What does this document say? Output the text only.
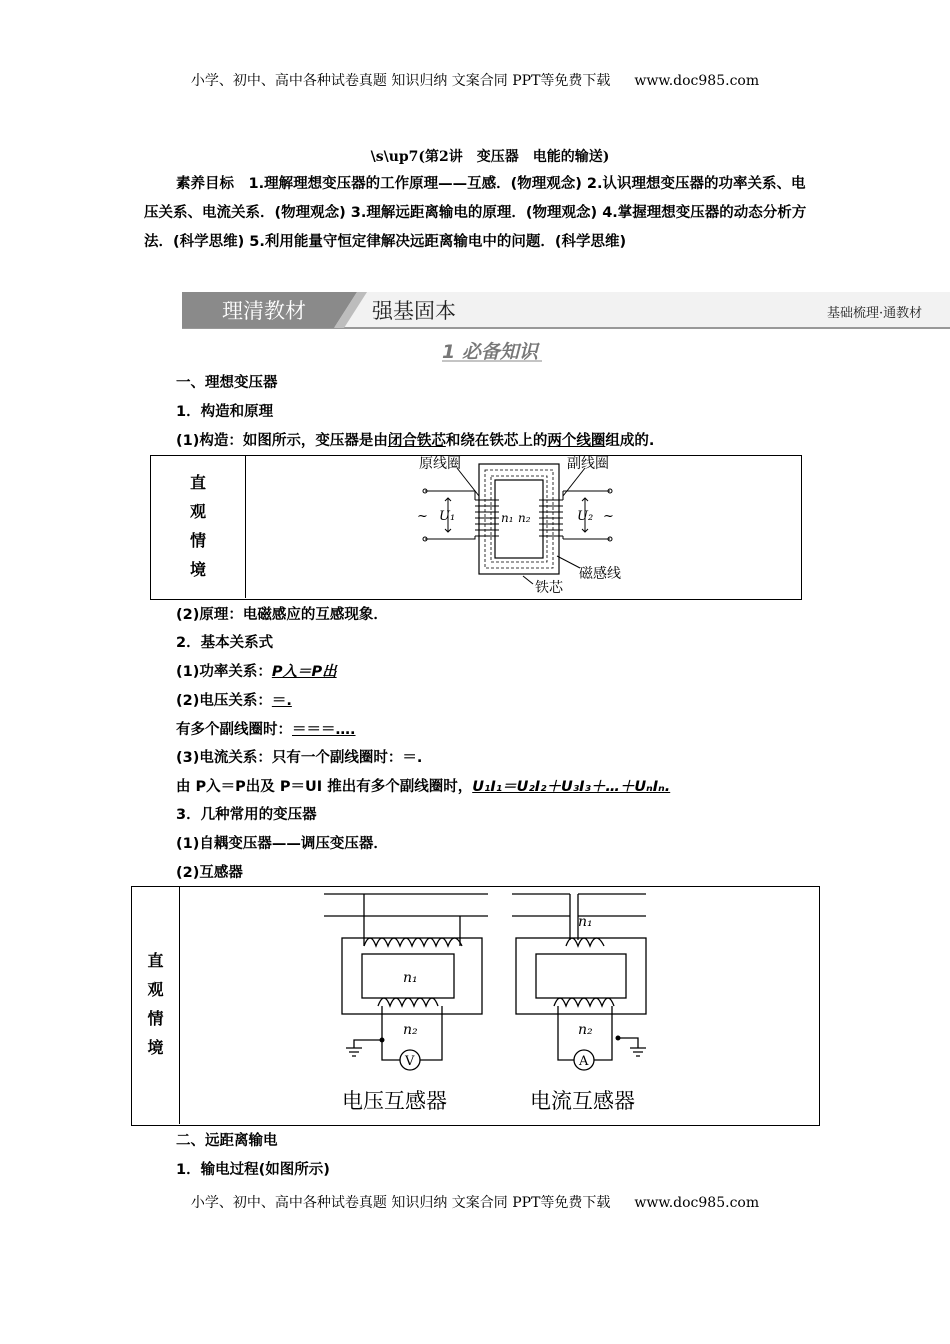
小学、初中、高中各种试卷真题 知识归纳 文案合同 PPT等免费下载 www.doc985.com
\s\up7(第2讲　变压器　电能的输送)
素养目标　 1.理解理想变压器的工作原理——互感．(物理观念) 2.认识理想变压器的功率关系、电压关系、电流关系．(物理观念) 3.理解远距离输电的原理．(物理观念) 4.掌握理想变压器的动态分析方法．(科学思维) 5.利用能量守恒定律解决远距离输电中的问题．(科学思维)
理清教材	强基固本	基础梳理·通教材
1 必备知识
一、理想变压器
1．构造和原理
(1)构造：如图所示，变压器是由闭合铁芯和绕在铁芯上的两个线圈组成的.
直
观
情
境
原线圈	副线圈
~ U₁	n₁ n₂	U₂ ~
铁芯
磁感线
(2)原理：电磁感应的互感现象．
2．基本关系式
(1)功率关系：P入＝P出
(2)电压关系：＝.
有多个副线圈时：＝＝＝….
(3)电流关系：只有一个副线圈时：＝.
由 P入＝P出及 P＝UI 推出有多个副线圈时，U₁I₁＝U₂I₂＋U₃I₃＋…＋UₙIₙ.
3．几种常用的变压器
(1)自耦变压器——调压变压器．
(2)互感器
直
观
情
境
n₁
n₂
V
n₁
n₂
A
电压互感器	电流互感器
二、远距离输电
1．输电过程(如图所示)
小学、初中、高中各种试卷真题 知识归纳 文案合同 PPT等免费下载 www.doc985.com
